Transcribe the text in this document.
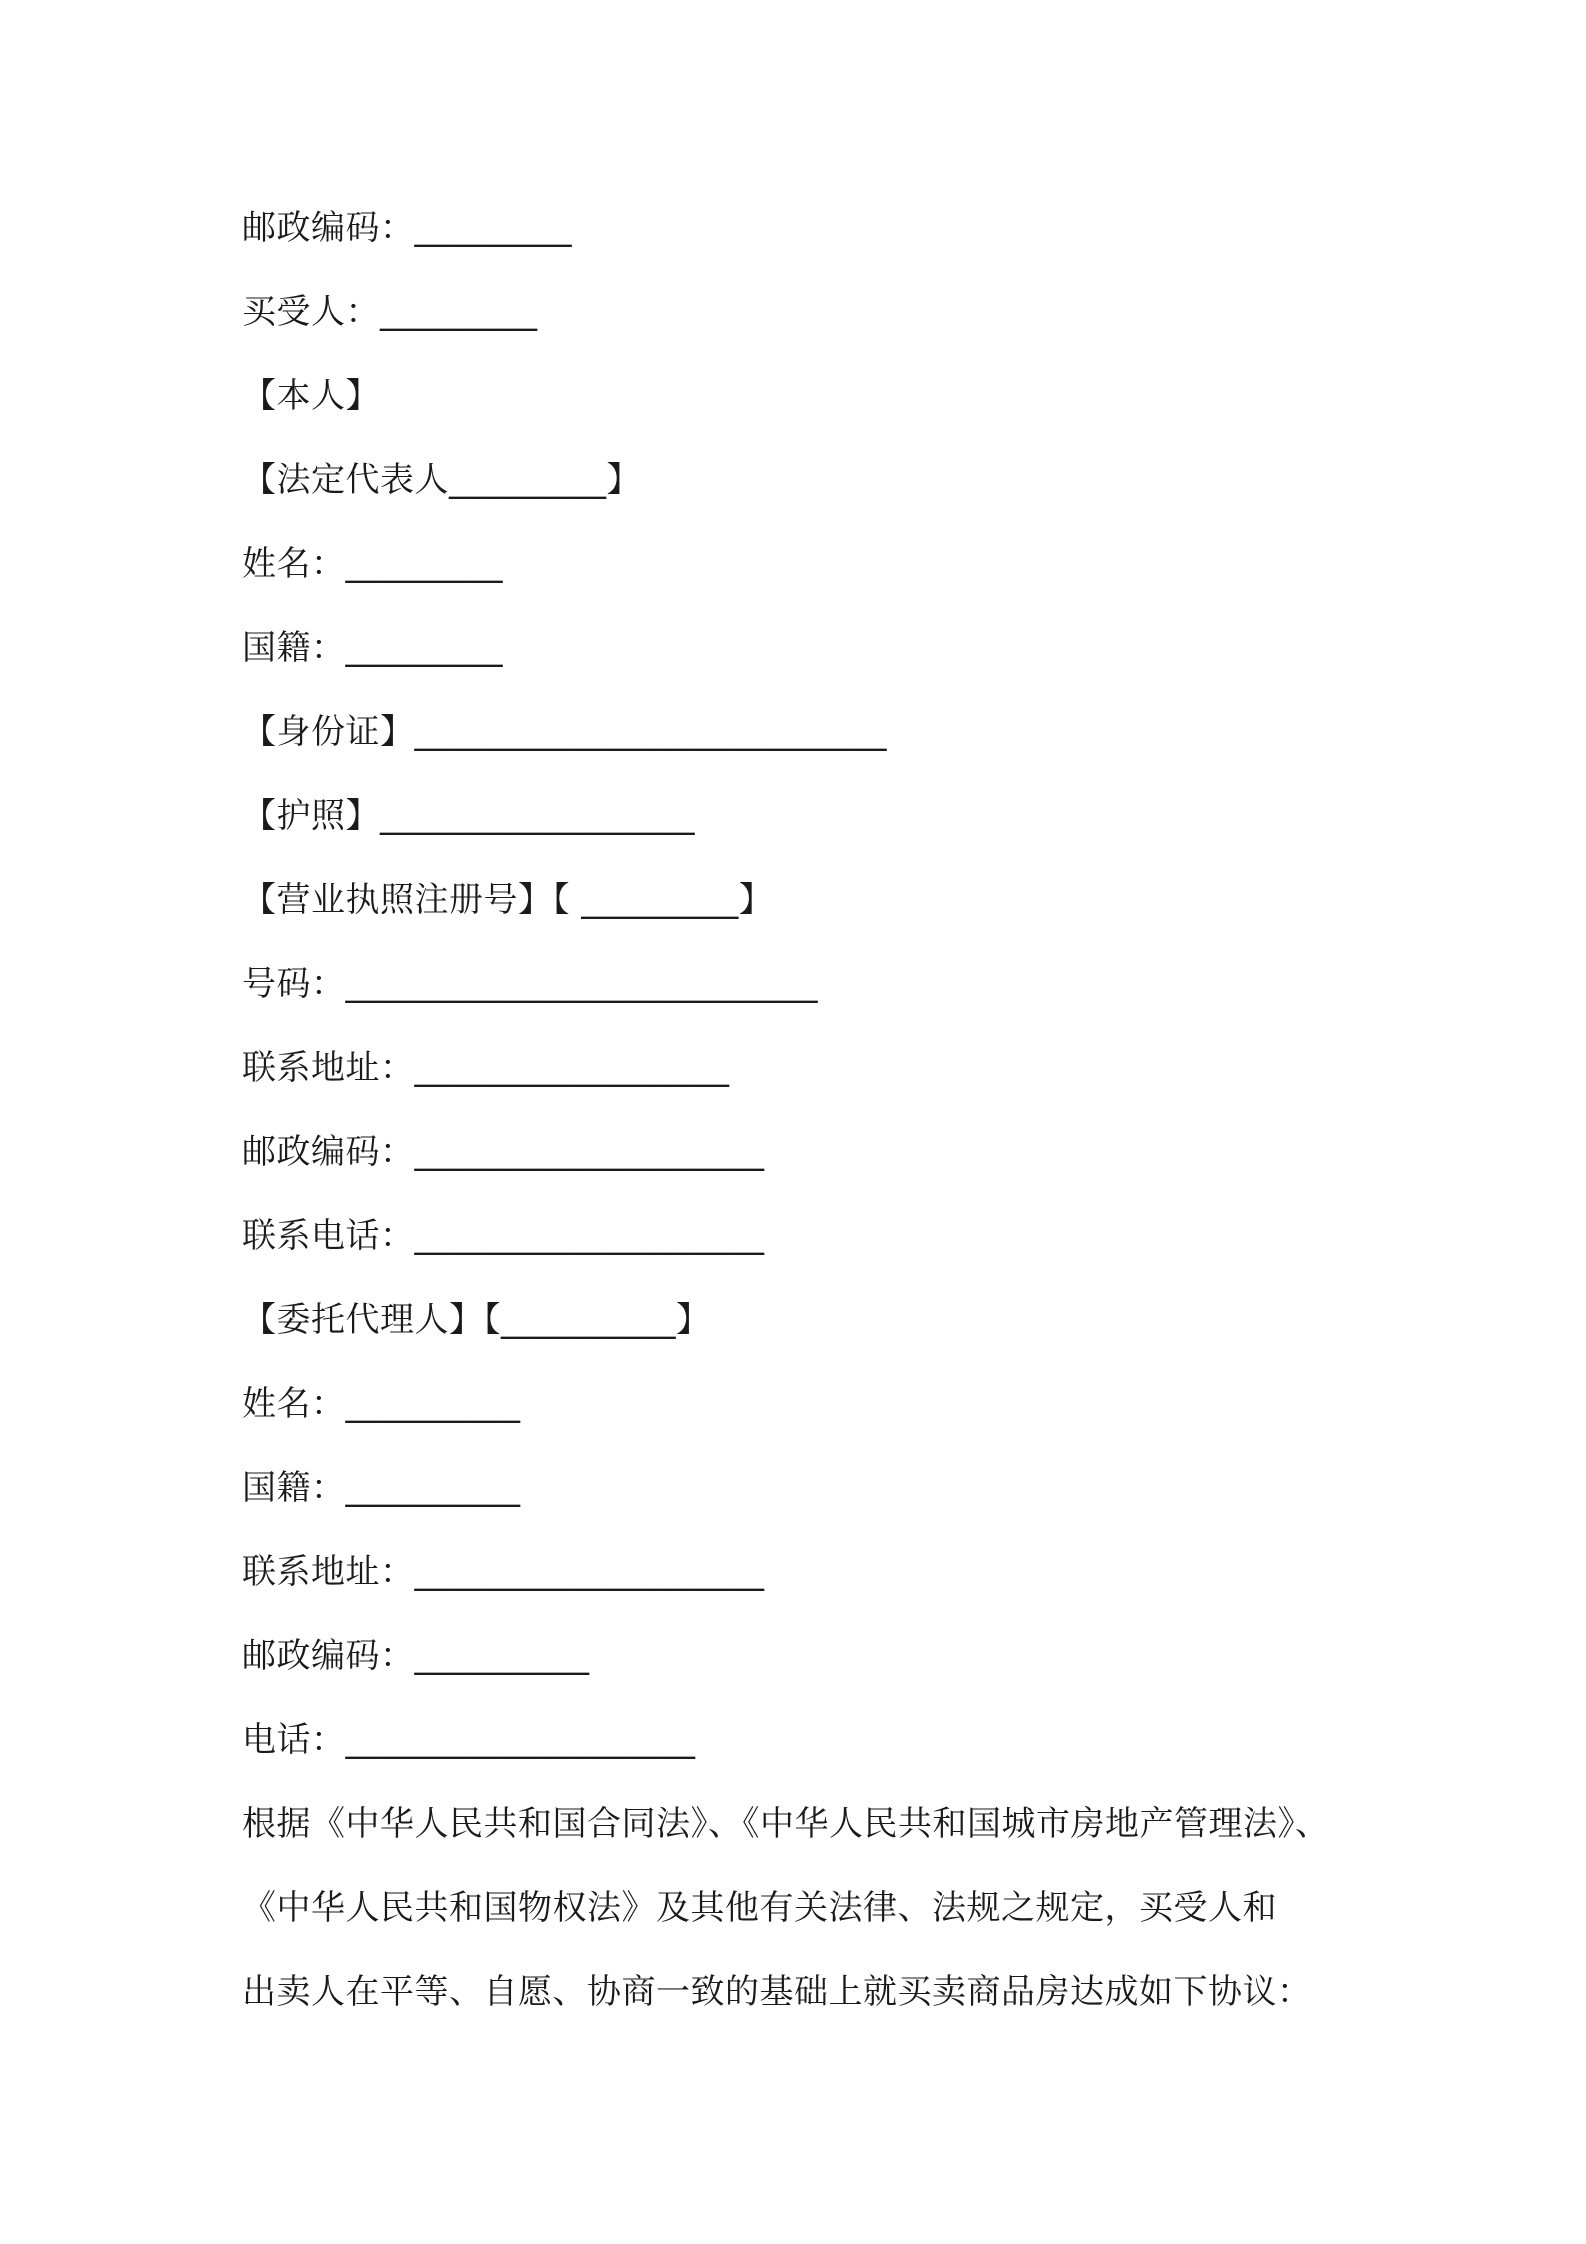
邮政编码：_________
买受人：_________
【本人】
【法定代表人_________】
姓名：_________
国籍：_________
【身份证】___________________________
【护照】__________________
【营业执照注册号】【 _________】
号码：___________________________
联系地址：__________________
邮政编码：____________________
联系电话：____________________
【委托代理人】【__________】
姓名：__________
国籍：__________
联系地址：____________________
邮政编码：__________
电话：____________________
根据《中华人民共和国合同法》、《中华人民共和国城市房地产管理法》、
《中华人民共和国物权法》及其他有关法律、法规之规定，买受人和
出卖人在平等、自愿、协商一致的基础上就买卖商品房达成如下协议：
